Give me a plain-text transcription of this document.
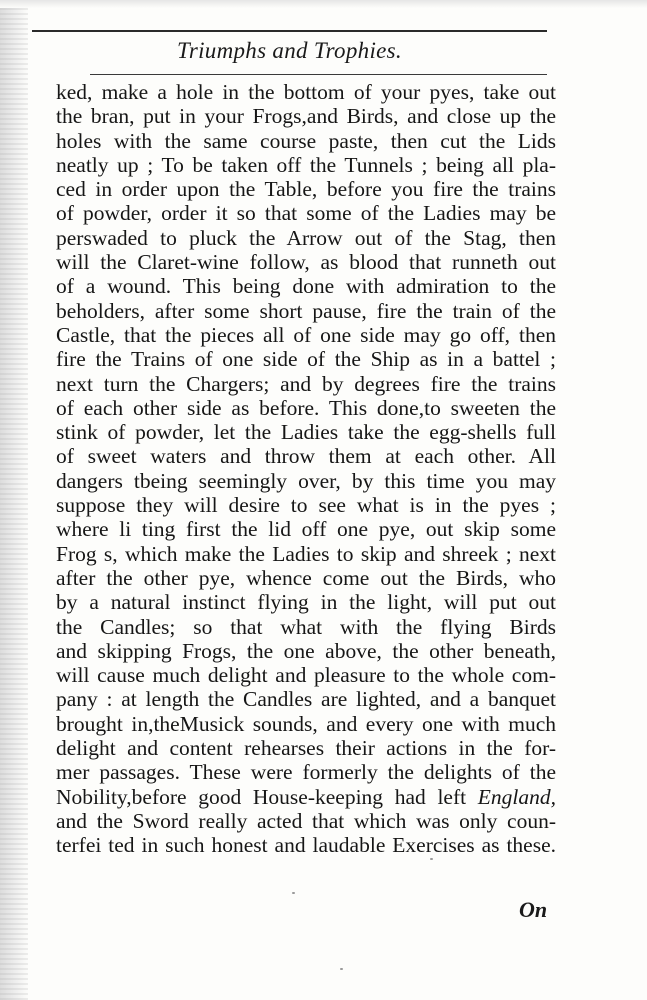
Triumphs and Trophies.
ked, make a hole in the bottom of your pyes, take out
the bran, put in your Frogs,and Birds, and close up the
holes with the same course paste, then cut the Lids
neatly up ; To be taken off the Tunnels ; being all pla-
ced in order upon the Table, before you fire the trains
of powder, order it so that some of the Ladies may be
perswaded to pluck the Arrow out of the Stag, then
will the Claret-wine follow, as blood that runneth out
of a wound. This being done with admiration to the
beholders, after some short pause, fire the train of the
Castle, that the pieces all of one side may go off, then
fire the Trains of one side of the Ship as in a battel ;
next turn the Chargers; and by degrees fire the trains
of each other side as before. This done,to sweeten the
stink of powder, let the Ladies take the egg-shells full
of sweet waters and throw them at each other. All
dangers tbeing seemingly over, by this time you may
suppose they will desire to see what is in the pyes ;
where li ting first the lid off one pye, out skip some
Frog s, which make the Ladies to skip and shreek ; next
after the other pye, whence come out the Birds, who
by a natural instinct flying in the light, will put out
the Candles; so that what with the flying Birds
and skipping Frogs, the one above, the other beneath,
will cause much delight and pleasure to the whole com-
pany : at length the Candles are lighted, and a banquet
brought in,theMusick sounds, and every one with much
delight and content rehearses their actions in the for-
mer passages. These were formerly the delights of the
Nobility,before good House-keeping had left England,
and the Sword really acted that which was only coun-
terfei ted in such honest and laudable Exercises as these.
On
